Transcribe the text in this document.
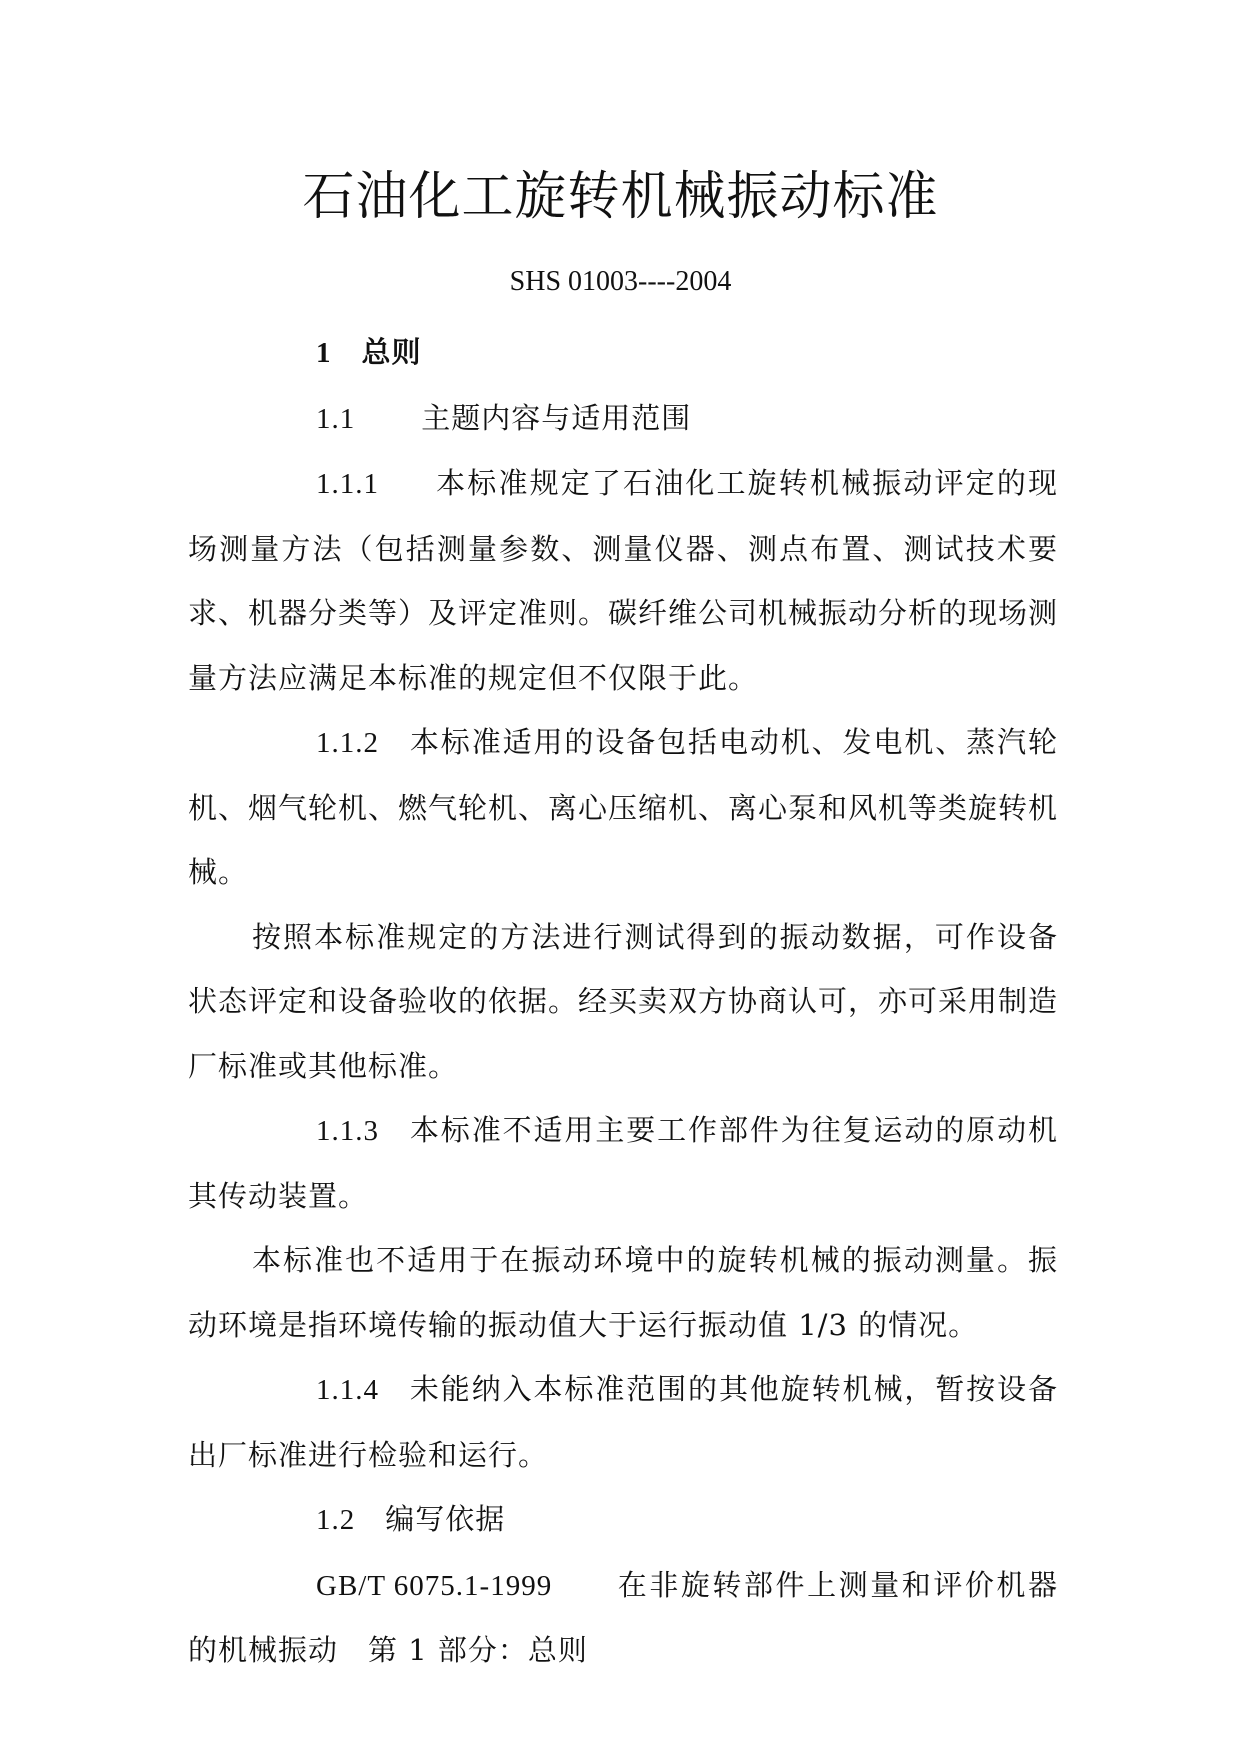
石油化工旋转机械振动标准
SHS 01003----2004

1 总则

1.1 主题内容与适用范围

1.1.1 本标准规定了石油化工旋转机械振动评定的现场测量方法（包括测量参数、测量仪器、测点布置、测试技术要求、机器分类等）及评定准则。碳纤维公司机械振动分析的现场测量方法应满足本标准的规定但不仅限于此。

1.1.2 本标准适用的设备包括电动机、发电机、蒸汽轮机、烟气轮机、燃气轮机、离心压缩机、离心泵和风机等类旋转机械。

按照本标准规定的方法进行测试得到的振动数据，可作设备状态评定和设备验收的依据。经买卖双方协商认可，亦可采用制造厂标准或其他标准。

1.1.3 本标准不适用主要工作部件为往复运动的原动机其传动装置。

本标准也不适用于在振动环境中的旋转机械的振动测量。振动环境是指环境传输的振动值大于运行振动值 1/3 的情况。

1.1.4 未能纳入本标准范围的其他旋转机械，暂按设备出厂标准进行检验和运行。

1.2 编写依据

GB/T 6075.1-1999 在非旋转部件上测量和评价机器的机械振动　第 1 部分：总则
